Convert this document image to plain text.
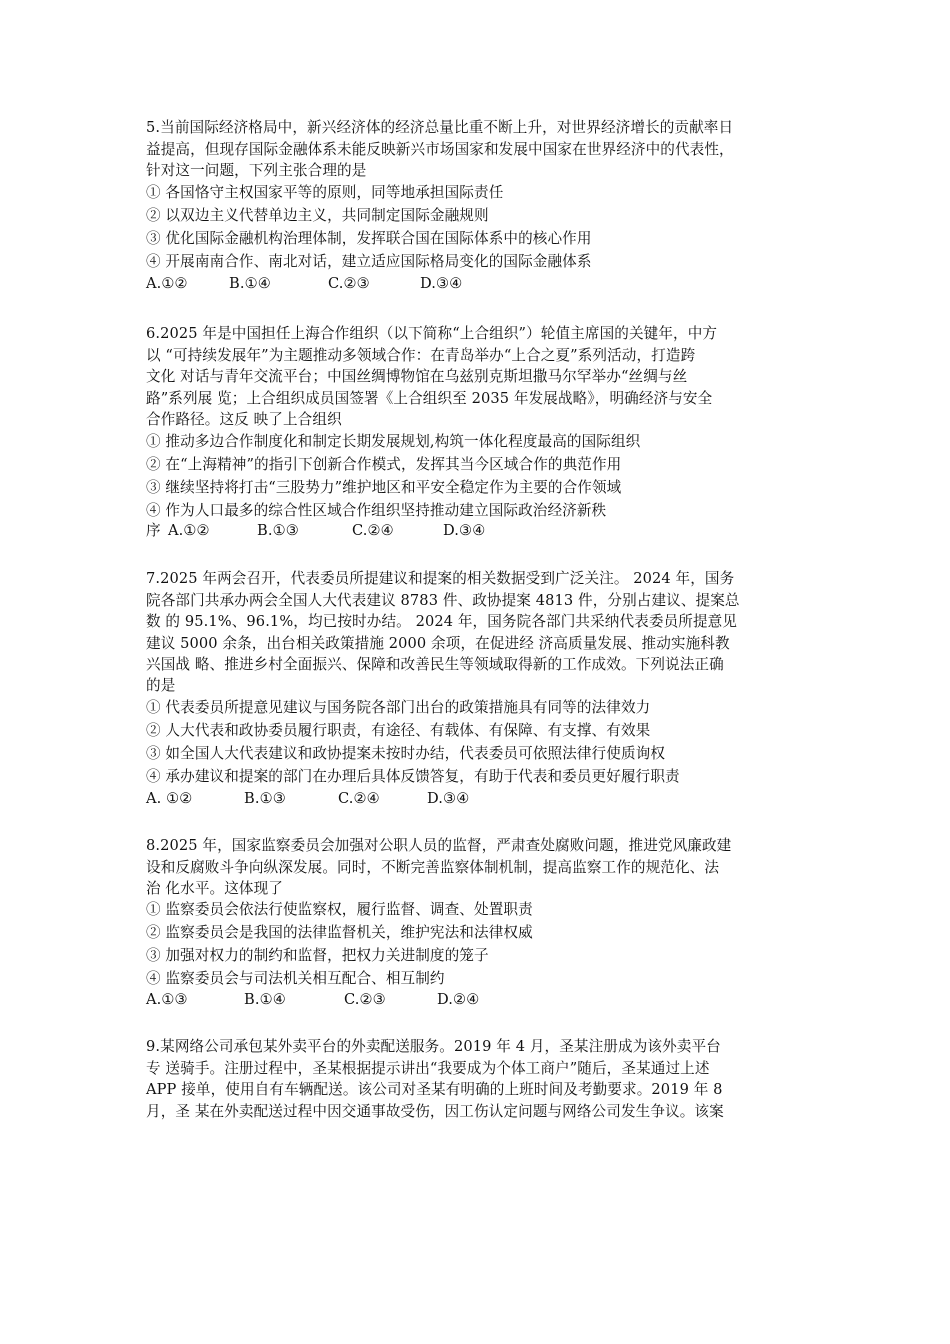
5.当前国际经济格局中，新兴经济体的经济总量比重不断上升，对世界经济增长的贡献率日
益提高，但现存国际金融体系未能反映新兴市场国家和发展中国家在世界经济中的代表性，
针对这一问题，下列主张合理的是
① 各国恪守主权国家平等的原则，同等地承担国际责任
② 以双边主义代替单边主义，共同制定国际金融规则
③ 优化国际金融机构治理体制，发挥联合国在国际体系中的核心作用
④ 开展南南合作、南北对话，建立适应国际格局变化的国际金融体系
A.①②	B.①④	C.②③	D.③④
6.2025 年是中国担任上海合作组织（以下简称“上合组织”）轮值主席国的关键年，中方
以 “可持续发展年”为主题推动多领域合作：在青岛举办“上合之夏”系列活动，打造跨
文化 对话与青年交流平台；中国丝绸博物馆在乌兹别克斯坦撒马尔罕举办“丝绸与丝
路”系列展 览；上合组织成员国签署《上合组织至 2035 年发展战略》，明确经济与安全
合作路径。这反 映了上合组织
① 推动多边合作制度化和制定长期发展规划,构筑一体化程度最高的国际组织
② 在“上海精神”的指引下创新合作模式，发挥其当今区域合作的典范作用
③ 继续坚持将打击“三股势力”维护地区和平安全稳定作为主要的合作领域
④ 作为人口最多的综合性区域合作组织坚持推动建立国际政治经济新秩
序 A.①②	B.①③	C.②④	D.③④
7.2025 年两会召开，代表委员所提建议和提案的相关数据受到广泛关注。 2024 年，国务
院各部门共承办两会全国人大代表建议 8783 件、政协提案 4813 件，分别占建议、提案总
数 的 95.1%、96.1%，均已按时办结。 2024 年，国务院各部门共采纳代表委员所提意见
建议 5000 余条，出台相关政策措施 2000 余项，在促进经 济高质量发展、推动实施科教
兴国战 略、推进乡村全面振兴、保障和改善民生等领域取得新的工作成效。下列说法正确
的是
① 代表委员所提意见建议与国务院各部门出台的政策措施具有同等的法律效力
② 人大代表和政协委员履行职责，有途径、有载体、有保障、有支撑、有效果
③ 如全国人大代表建议和政协提案未按时办结，代表委员可依照法律行使质询权
④ 承办建议和提案的部门在办理后具体反馈答复，有助于代表和委员更好履行职责
A. ①②	B.①③	C.②④	D.③④
8.2025 年，国家监察委员会加强对公职人员的监督，严肃查处腐败问题，推进党风廉政建
设和反腐败斗争向纵深发展。同时，不断完善监察体制机制，提高监察工作的规范化、法
治 化水平。这体现了
① 监察委员会依法行使监察权，履行监督、调查、处置职责
② 监察委员会是我国的法律监督机关，维护宪法和法律权威
③ 加强对权力的制约和监督，把权力关进制度的笼子
④ 监察委员会与司法机关相互配合、相互制约
A.①③	B.①④	C.②③	D.②④
9.某网络公司承包某外卖平台的外卖配送服务。2019 年 4 月，圣某注册成为该外卖平台
专 送骑手。注册过程中，圣某根据提示讲出“我要成为个体工商户”随后，圣某通过上述
APP 接单，使用自有车辆配送。该公司对圣某有明确的上班时间及考勤要求。2019 年 8
月，圣 某在外卖配送过程中因交通事故受伤，因工伤认定问题与网络公司发生争议。该案
